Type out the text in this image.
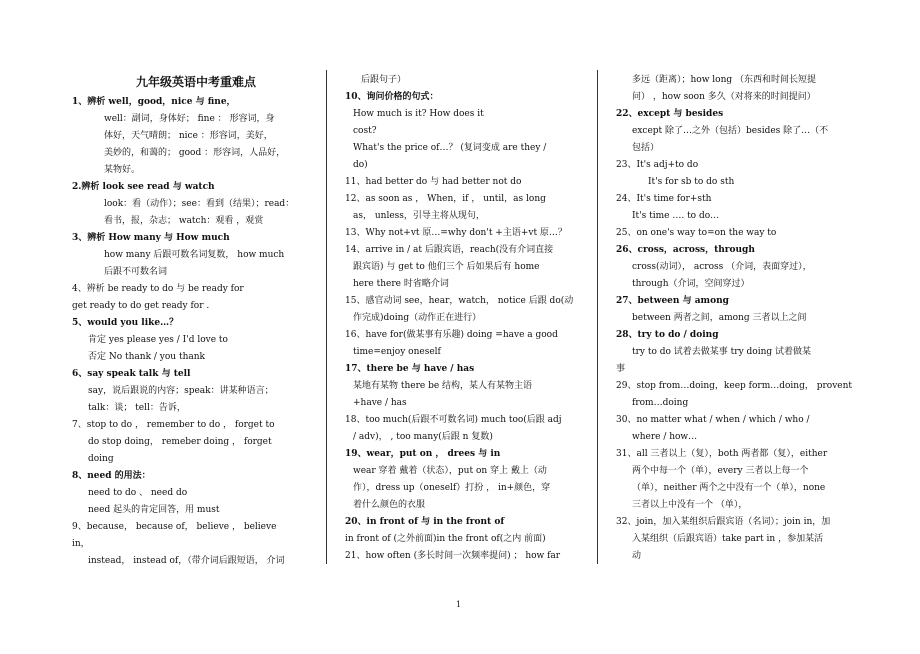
九年级英语中考重难点
1、辨析 well，good，nice 与 fine，
well：副词，身体好； fine ： 形容词，身
体好，天气晴朗； nice ：形容词，美好，
美妙的，和蔼的； good ：形容词，人品好，
某物好。
2.辨析 look see read 与 watch
look：看（动作）；see：看到（结果）；read：
看书，报，杂志； watch：观看 ，观赏
3、辨析 How many 与 How much
how many 后跟可数名词复数， how much
后跟不可数名词
4、辨析 be ready to do 与 be ready for
get ready to do get ready for .
5、would you like…？
肯定 yes please yes / I'd love to
否定 No thank / you thank
6、say speak talk 与 tell
say，说后跟说的内容；speak：讲某种语言；
talk：谈； tell：告诉，
7、stop to do ， remember to do ， forget to
do stop doing， remeber doing ， forget
doing
8、need 的用法：
need to do 、 need do
need 起头的肯定回答，用 must
9、because， because of， believe ， believe
in，
instead， instead of，（带介词后跟短语， 介词
后跟句子）
10、询问价格的句式：
How much is it? How does it
cost?
What's the price of…？ (复词变成 are they /
do)
11、had better do 与 had better not do
12、as soon as ， When，if ， until，as long
as， unless，引导主将从现句，
13、Why not+vt 原…=why don't +主语+vt 原…？
14、arrive in / at 后跟宾语，reach(没有介词直接
跟宾语) 与 get to 他们三个 后如果后有 home
here there 时省略介词
15、感官动词 see，hear，watch， notice 后跟 do(动
作完成)doing（动作正在进行）
16、have for(做某事有乐趣) doing =have a good
time=enjoy oneself
17、there be 与 have / has
某地有某物 there be 结构，某人有某物主语
+have / has
18、too much(后跟不可数名词) much too(后跟 adj
/ adv)， , too many(后跟 n 复数)
19、wear，put on ， drees 与 in
wear 穿着 戴着（状态），put on 穿上 戴上（动
作），dress up（oneself）打扮 ， in+颜色，穿
着什么颜色的衣服
20、in front of 与 in the front of
in front of (之外前面)in the front of(之内 前面)
21、how often (多长时间一次频率提问) ； how far
多远（距离）；how long （东西和时间长短提
问） ，how soon 多久（对将来的时间提问）
22、except 与 besides
except 除了…之外（包括）besides 除了…（不
包括）
23、It's adj+to do
It's for sb to do sth
24、It's time for+sth
It's time …. to do…
25、on one's way to=on the way to
26、cross，across，through
cross(动词）， across （介词，表面穿过），
through（介词，空间穿过）
27、between 与 among
between 两者之间，among 三者以上之间
28、try to do / doing
try to do 试着去做某事 try doing 试着做某
事
29、stop from…doing，keep form…doing， provent
from…doing
30、no matter what / when / which / who /
where / how…
31、all 三者以上（复），both 两者都（复），either
两个中每一个（单），every 三者以上每一个
（单），neither 两个之中没有一个（单），none
三者以上中没有一个 （单），
32、join，加入某组织后跟宾语（名词）；join in，加
入某组织（后跟宾语）take part in ，参加某活
动
1
